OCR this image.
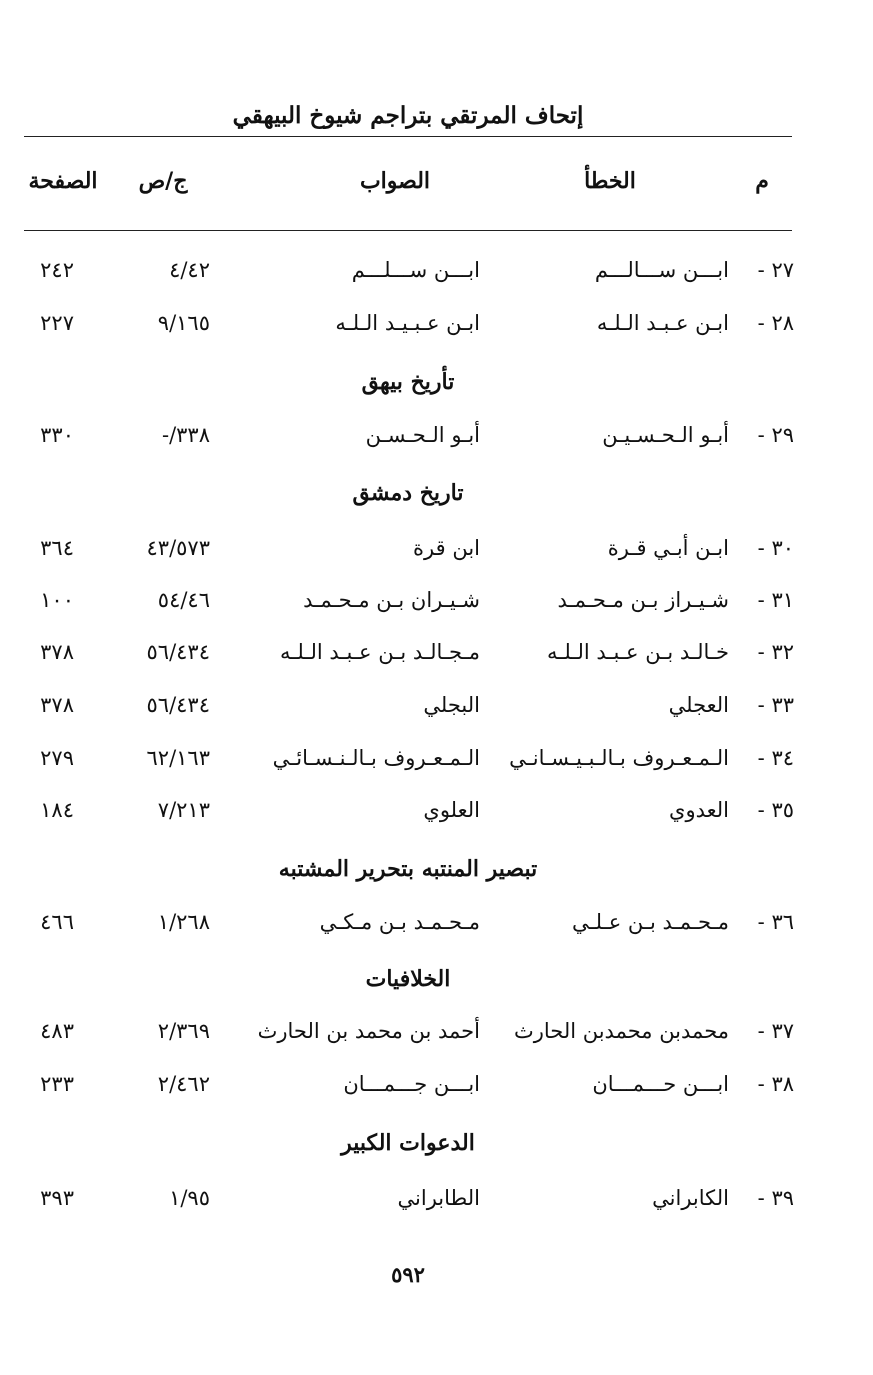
إتحاف المرتقي بتراجم شيوخ البيهقي
م
الخطأ
الصواب
ج/ص
الصفحة
٢٧ -
ابـــن ســـالـــم
ابـــن ســـلـــم
٤/٤٢
٢٤٢
٢٨ -
ابـن عـبـد الـلـه
ابـن عـبـيـد الـلـه
٩/١٦٥
٢٢٧
تأريخ بيهق
٢٩ -
أبـو الـحـسـيـن
أبـو الـحـسـن
-/٣٣٨
٣٣٠
تاريخ دمشق
٣٠ -
ابـن أبـي قـرة
ابن قرة
٤٣/٥٧٣
٣٦٤
٣١ -
شـيـراز بـن مـحـمـد
شـيـران بـن مـحـمـد
٥٤/٤٦
١٠٠
٣٢ -
خـالـد بـن عـبـد الـلـه
مـجـالـد بـن عـبـد الـلـه
٥٦/٤٣٤
٣٧٨
٣٣ -
العجلي
البجلي
٥٦/٤٣٤
٣٧٨
٣٤ -
الـمـعـروف بـالـبـيـسـانـي
الـمـعـروف بـالـنـسـائـي
٦٢/١٦٣
٢٧٩
٣٥ -
العدوي
العلوي
٧/٢١٣
١٨٤
تبصير المنتبه بتحرير المشتبه
٣٦ -
مـحـمـد بـن عـلـي
مـحـمـد بـن مـكـي
١/٢٦٨
٤٦٦
الخلافيات
٣٧ -
محمدبن محمدبن الحارث
أحمد بن محمد بن الحارث
٢/٣٦٩
٤٨٣
٣٨ -
ابـــن حـــمـــان
ابـــن جـــمـــان
٢/٤٦٢
٢٣٣
الدعوات الكبير
٣٩ -
الكابراني
الطابراني
١/٩٥
٣٩٣
٥٩٢
